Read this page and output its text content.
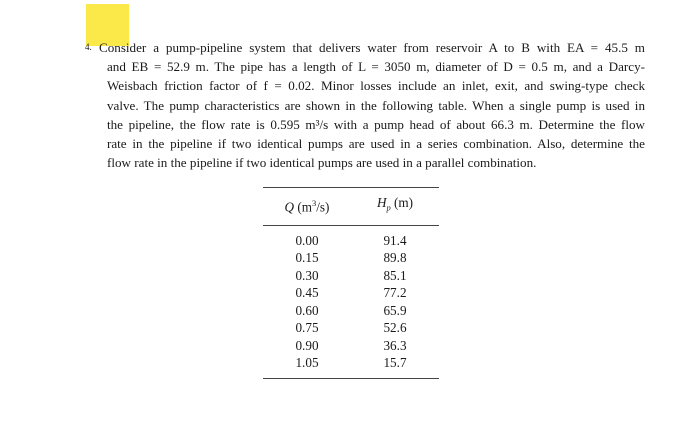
4. Consider a pump-pipeline system that delivers water from reservoir A to B with EA = 45.5 m
and EB = 52.9 m. The pipe has a length of L = 3050 m, diameter of D = 0.5 m, and a Darcy-
Weisbach friction factor of f = 0.02. Minor losses include an inlet, exit, and swing-type check
valve. The pump characteristics are shown in the following table. When a single pump is used in
the pipeline, the flow rate is 0.595 m³/s with a pump head of about 66.3 m. Determine the flow
rate in the pipeline if two identical pumps are used in a series combination. Also, determine the
flow rate in the pipeline if two identical pumps are used in a parallel combination.
Q $(m^3/s)$	$H_p$ (m)
0.00	91.4
0.15	89.8
0.30	85.1
0.45	77.2
0.60	65.9
0.75	52.6
0.90	36.3
1.05	15.7
